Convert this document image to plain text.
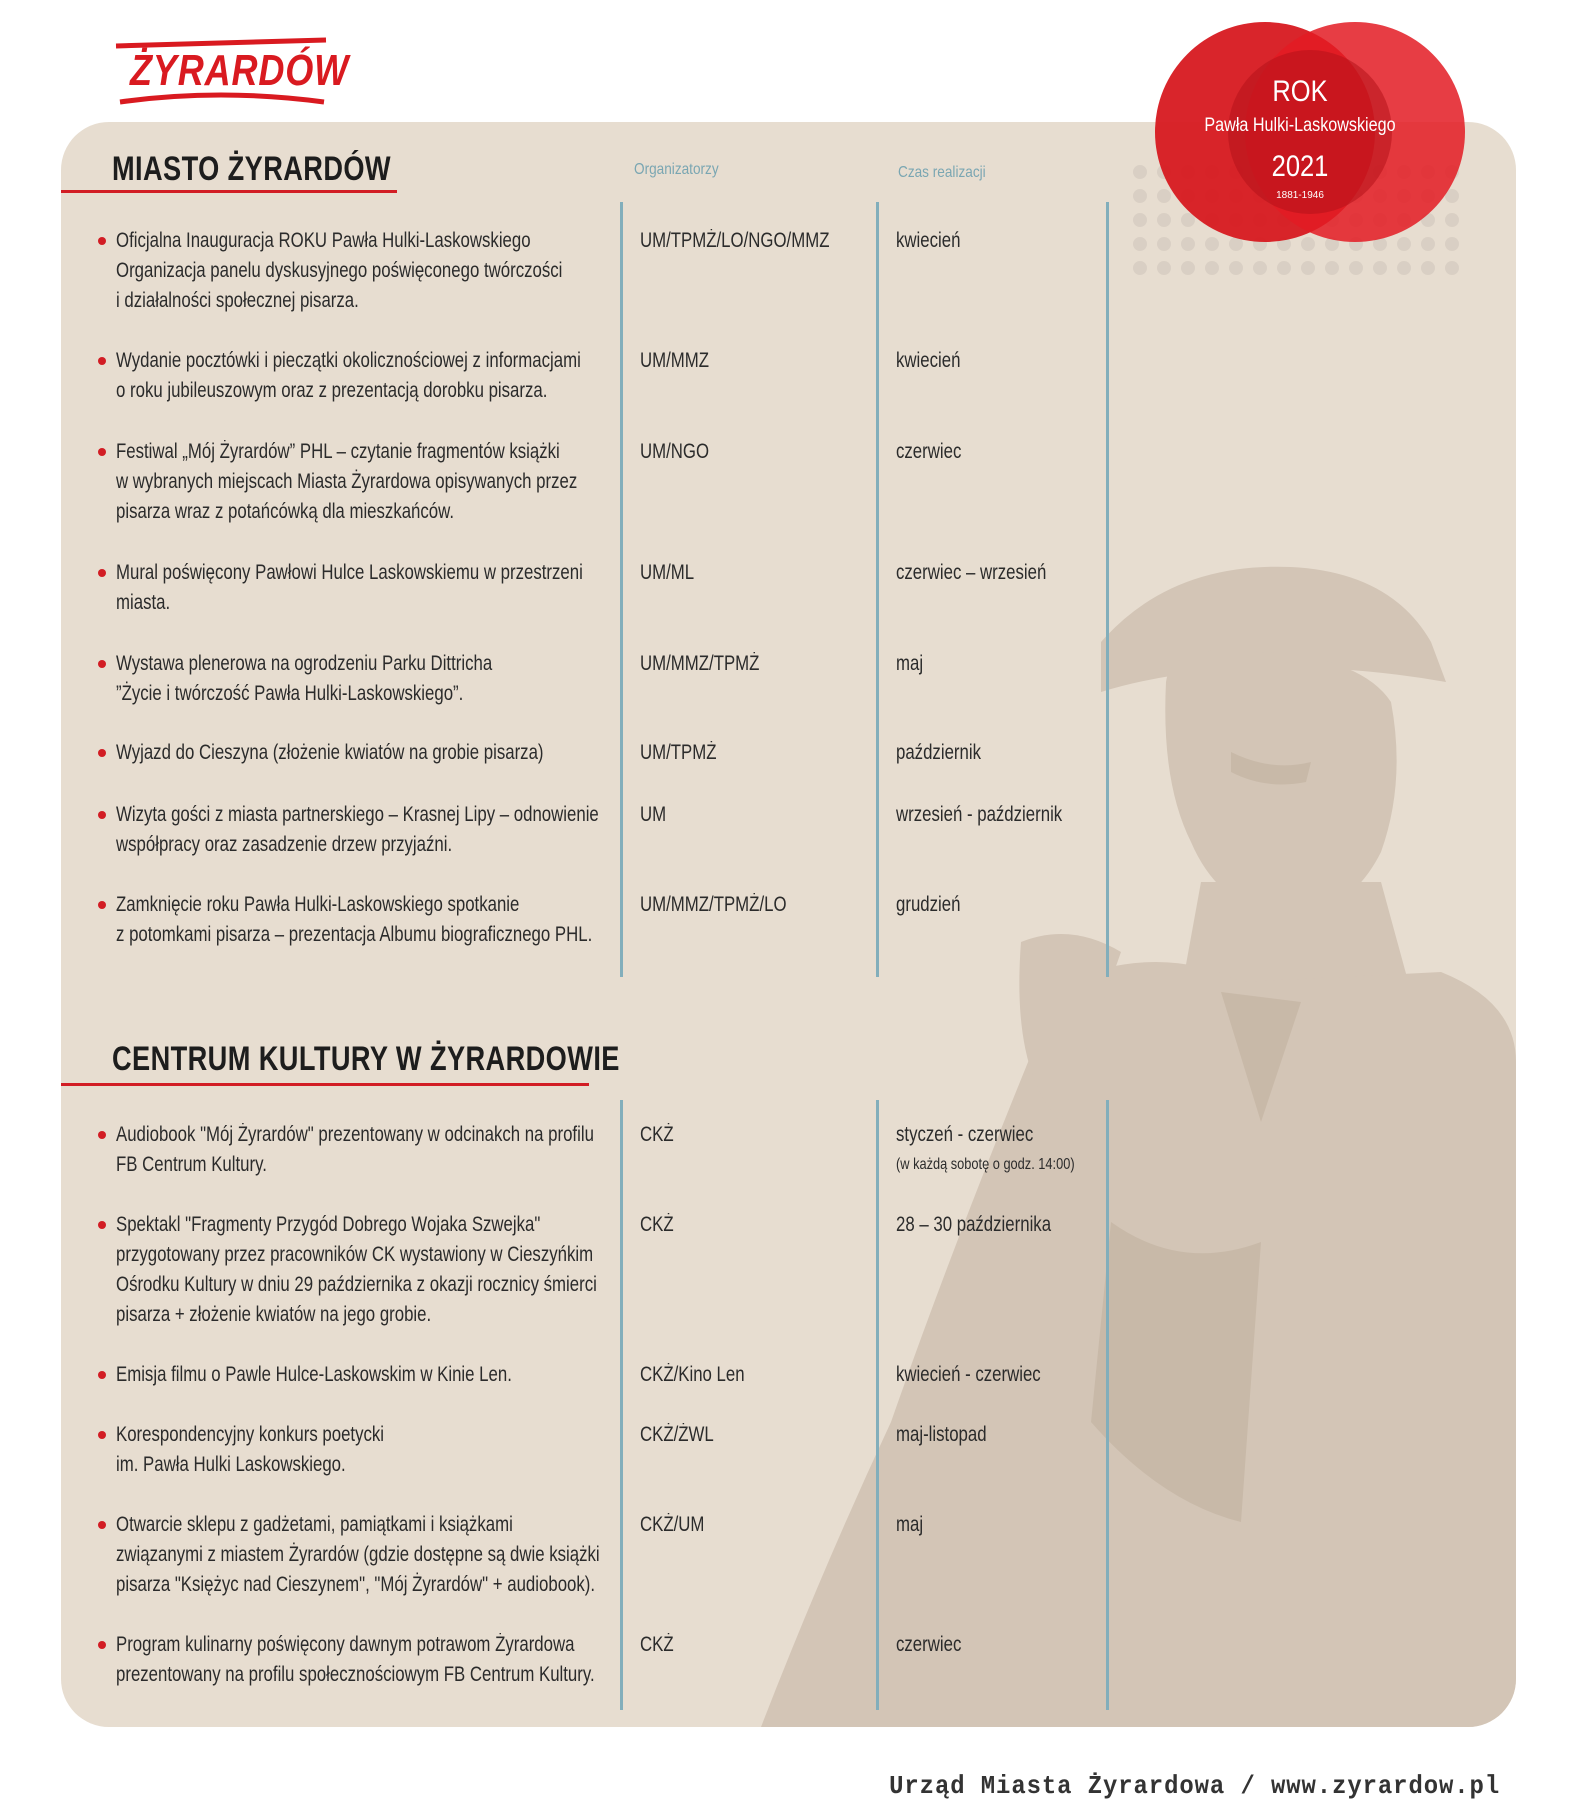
ŻYRARDÓW	ROK
Pawła Hulki-Laskowskiego
2021
1881-1946
MIASTO ŻYRARDÓW	Organizatorzy	Czas realizacji
Oficjalna Inauguracja ROKU Pawła Hulki-Laskowskiego
Organizacja panelu dyskusyjnego poświęconego twórczości
i działalności społecznej pisarza.
UM/TPMŻ/LO/NGO/MMZ	kwiecień
Wydanie pocztówki i pieczątki okolicznościowej z informacjami
o roku jubileuszowym oraz z prezentacją dorobku pisarza.
UM/MMZ	kwiecień
Festiwal „Mój Żyrardów” PHL – czytanie fragmentów książki
w wybranych miejscach Miasta Żyrardowa opisywanych przez
pisarza wraz z potańcówką dla mieszkańców.
UM/NGO	czerwiec
Mural poświęcony Pawłowi Hulce Laskowskiemu w przestrzeni
miasta.
UM/ML	czerwiec – wrzesień
Wystawa plenerowa na ogrodzeniu Parku Dittricha
”Życie i twórczość Pawła Hulki-Laskowskiego”.
UM/MMZ/TPMŻ	maj
Wyjazd do Cieszyna (złożenie kwiatów na grobie pisarza)	UM/TPMŻ	październik
Wizyta gości z miasta partnerskiego – Krasnej Lipy – odnowienie
współpracy oraz zasadzenie drzew przyjaźni.
UM	wrzesień - październik
Zamknięcie roku Pawła Hulki-Laskowskiego spotkanie
z potomkami pisarza – prezentacja Albumu biograficznego PHL.
UM/MMZ/TPMŻ/LO	grudzień
CENTRUM KULTURY W ŻYRARDOWIE
Audiobook "Mój Żyrardów" prezentowany w odcinakch na profilu
FB Centrum Kultury.
CKŻ	styczeń - czerwiec
(w każdą sobotę o godz. 14:00)
Spektakl "Fragmenty Przygód Dobrego Wojaka Szwejka"
przygotowany przez pracowników CK wystawiony w Cieszyńkim
Ośrodku Kultury w dniu 29 października z okazji rocznicy śmierci
pisarza + złożenie kwiatów na jego grobie.
CKŻ	28 – 30 października
Emisja filmu o Pawle Hulce-Laskowskim w Kinie Len.	CKŻ/Kino Len	kwiecień - czerwiec
Korespondencyjny konkurs poetycki
im. Pawła Hulki Laskowskiego.
CKŻ/ŻWL	maj-listopad
Otwarcie sklepu z gadżetami, pamiątkami i książkami
związanymi z miastem Żyrardów (gdzie dostępne są dwie książki
pisarza "Księżyc nad Cieszynem", "Mój Żyrardów" + audiobook).
CKŻ/UM	maj
Program kulinarny poświęcony dawnym potrawom Żyrardowa
prezentowany na profilu społecznościowym FB Centrum Kultury.
CKŻ	czerwiec
Urząd Miasta Żyrardowa / www.zyrardow.pl
